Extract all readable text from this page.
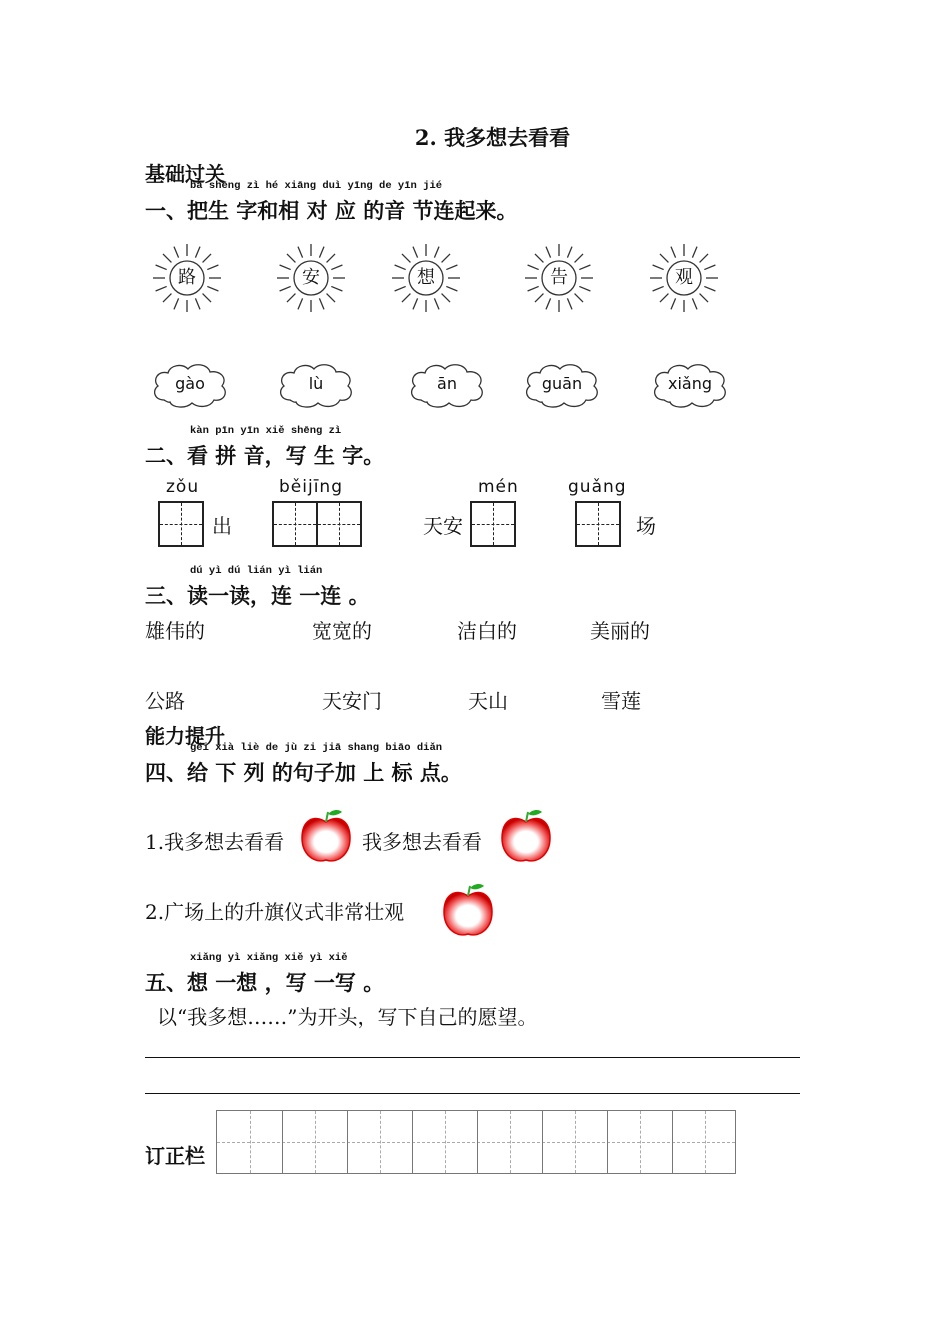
2. 我多想去看看
基础过关
一、
bǎ shēng zì hé xiāng duì yīng de yīn jié
把生 字和相 对 应 的音 节连起来。
路	安	想	告	观
gào	lù	ān	guān	xiǎng
二、
kàn pīn yīn xiě shēng zì
看 拼 音，写 生 字。
zǒu
出
běijīng
天安
mén	guǎng
场
三、
dú yì dú lián yì lián
读一读，连 一连 。
雄伟的	宽宽的	洁白的	美丽的
公路	天安门	天山	雪莲
能力提升
四、
gěi xià liè de jù zi jiā shang biāo diǎn
给 下 列 的句子加 上 标 点。
1.我多想去看看	我多想去看看
2.广场上的升旗仪式非常壮观
五、
xiǎng yì xiǎng xiě yì xiě
想 一想 ，写 一写 。
以“我多想……”为开头，写下自己的愿望。
订正栏
